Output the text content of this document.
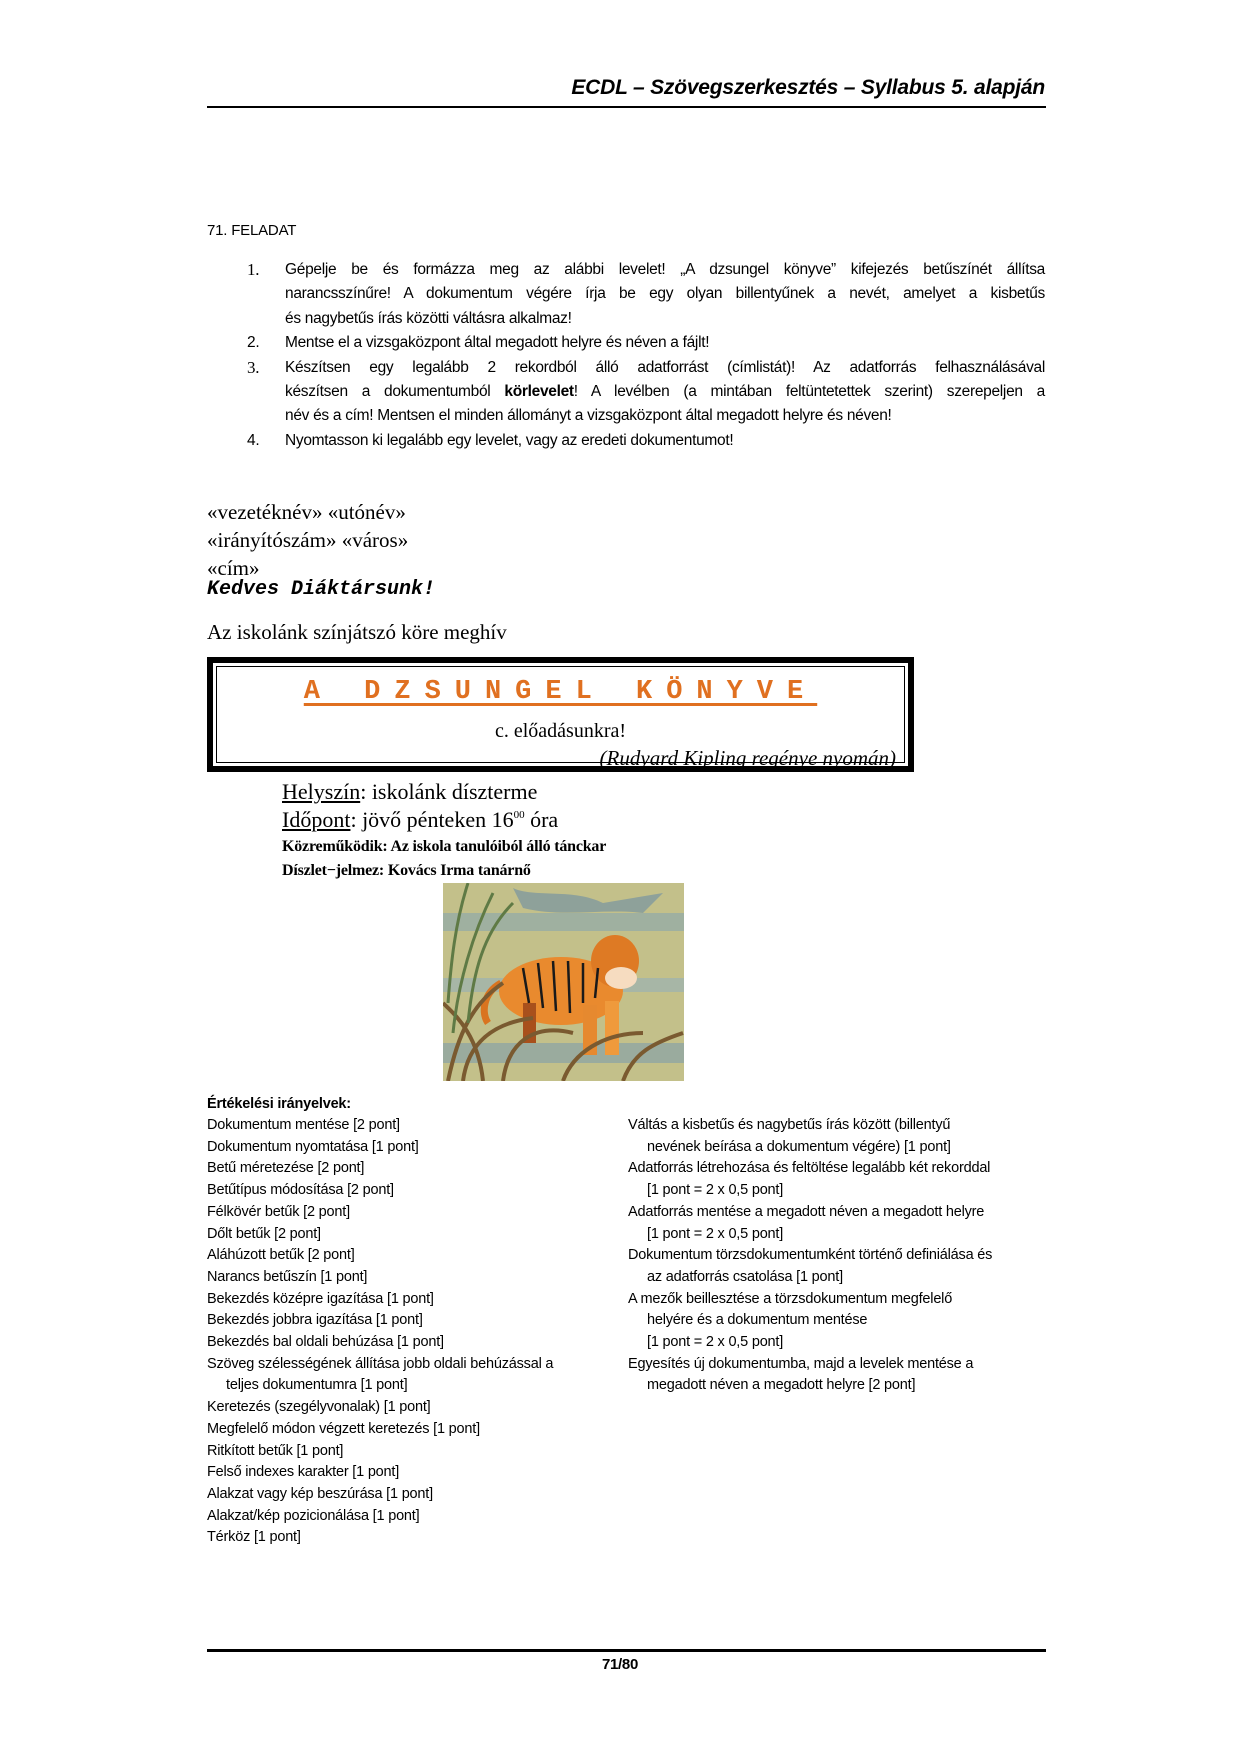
ECDL – Szövegszerkesztés – Syllabus 5. alapján
71. FELADAT
1.	Gépelje be és formázza meg az alábbi levelet! „A dzsungel könyve” kifejezés betűszínét állítsa
narancsszínűre! A dokumentum végére írja be egy olyan billentyűnek a nevét, amelyet a kisbetűs
és nagybetűs írás közötti váltásra alkalmaz!
2.	Mentse el a vizsgaközpont által megadott helyre és néven a fájlt!
3.	Készítsen egy legalább 2 rekordból álló adatforrást (címlistát)! Az adatforrás felhasználásával
készítsen a dokumentumból körlevelet! A levélben (a mintában feltüntetettek szerint) szerepeljen a
név és a cím! Mentsen el minden állományt a vizsgaközpont által megadott helyre és néven!
4.	Nyomtasson ki legalább egy levelet, vagy az eredeti dokumentumot!
«vezetéknév» «utónév»
«irányítószám» «város»
«cím»
Kedves Diáktársunk!
Az iskolánk színjátszó köre meghív
A DZSUNGEL KÖNYVE
c. előadásunkra!
(Rudyard Kipling regénye nyomán)
Helyszín: iskolánk díszterme
Időpont: jövő pénteken $16^{00}$ óra
Közreműködik: Az iskola tanulóiból álló tánckar
Díszlet−jelmez: Kovács Irma tanárnő
Értékelési irányelvek:
Dokumentum mentése [2 pont]
Dokumentum nyomtatása [1 pont]
Betű méretezése [2 pont]
Betűtípus módosítása [2 pont]
Félkövér betűk [2 pont]
Dőlt betűk [2 pont]
Aláhúzott betűk [2 pont]
Narancs betűszín [1 pont]
Bekezdés középre igazítása [1 pont]
Bekezdés jobbra igazítása [1 pont]
Bekezdés bal oldali behúzása [1 pont]
Szöveg szélességének állítása jobb oldali behúzással a
teljes dokumentumra [1 pont]
Keretezés (szegélyvonalak) [1 pont]
Megfelelő módon végzett keretezés [1 pont]
Ritkított betűk [1 pont]
Felső indexes karakter [1 pont]
Alakzat vagy kép beszúrása [1 pont]
Alakzat/kép pozicionálása [1 pont]
Térköz [1 pont]
Váltás a kisbetűs és nagybetűs írás között (billentyű
nevének beírása a dokumentum végére) [1 pont]
Adatforrás létrehozása és feltöltése legalább két rekorddal
[1 pont = 2 x 0,5 pont]
Adatforrás mentése a megadott néven a megadott helyre
[1 pont = 2 x 0,5 pont]
Dokumentum törzsdokumentumként történő definiálása és
az adatforrás csatolása [1 pont]
A mezők beillesztése a törzsdokumentum megfelelő
helyére és a dokumentum mentése
[1 pont = 2 x 0,5 pont]
Egyesítés új dokumentumba, majd a levelek mentése a
megadott néven a megadott helyre [2 pont]
71/80
